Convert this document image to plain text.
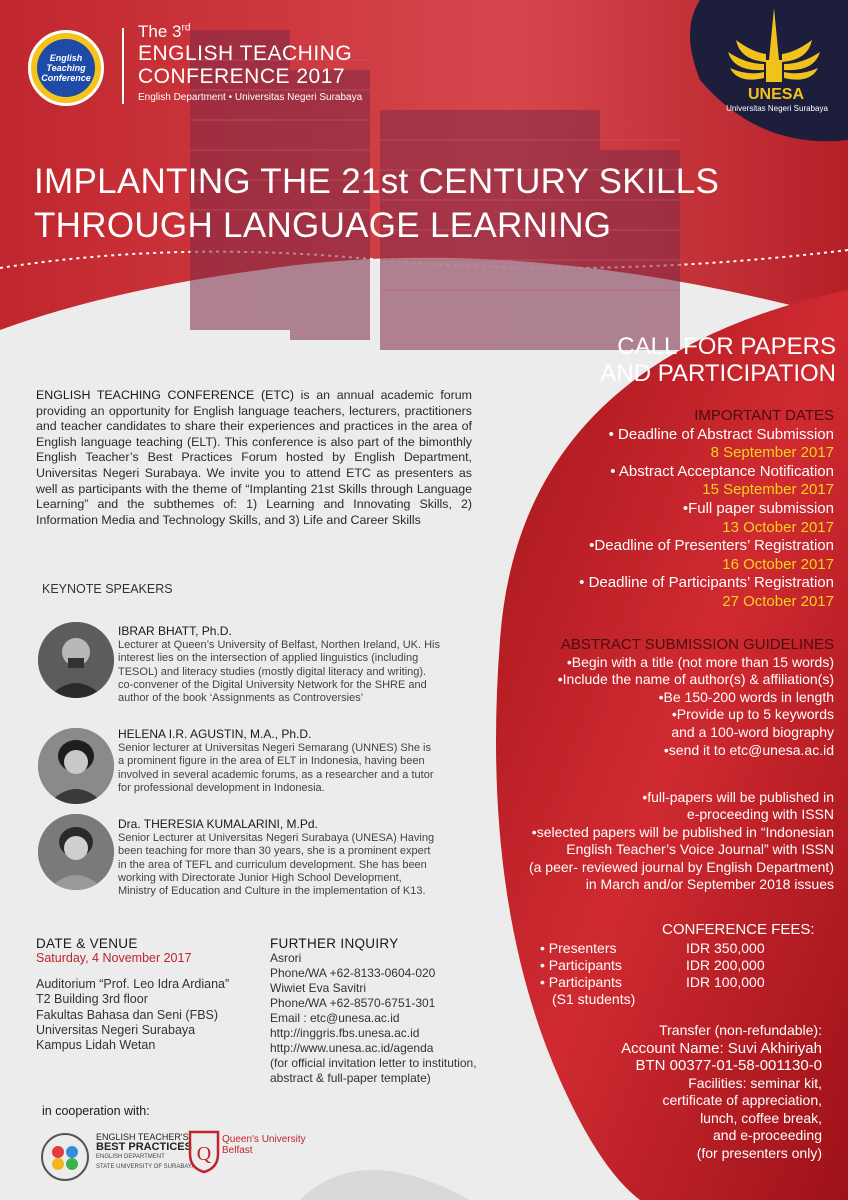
English Teaching Conference
The 3rd
ENGLISH TEACHING
CONFERENCE 2017
English Department • Universitas Negeri Surabaya	UNESA
Universitas Negeri Surabaya
IMPLANTING THE 21st CENTURY SKILLS
THROUGH LANGUAGE LEARNING
ENGLISH TEACHING CONFERENCE (ETC) is an annual academic forum providing an opportunity for English language teachers, lecturers, practitioners and teacher candidates to share their experiences and practices in the area of English language teaching (ELT). This conference is also part of the bimonthly English Teacher’s Best Practices Forum hosted by English Department, Universitas Negeri Surabaya. We invite you to attend ETC as presenters as well as participants with the theme of “Implanting 21st Skills through Language Learning” and the subthemes of: 1) Learning and Innovating Skills, 2) Information Media and Technology Skills, and 3) Life and Career Skills
KEYNOTE SPEAKERS
IBRAR BHATT, Ph.D.
Lecturer at Queen’s University of Belfast, Northen Ireland, UK. His interest lies on the intersection of applied linguistics (including TESOL) and literacy studies (mostly digital literacy and writing). co-convener of the Digital University Network for the SHRE and author of the book ‘Assignments as Controversies’
HELENA I.R. AGUSTIN, M.A., Ph.D.
Senior lecturer at Universitas Negeri Semarang (UNNES) She is a prominent figure in the area of ELT in Indonesia, having been involved in several academic forums, as a researcher and a tutor for professional development in Indonesia.
Dra. THERESIA KUMALARINI, M.Pd.
Senior Lecturer at Universitas Negeri Surabaya (UNESA) Having been teaching for more than 30 years, she is a prominent expert in the area of TEFL and curriculum development. She has been working with Directorate Junior High School Development, Ministry of Education and Culture in the implementation of K13.
CALL FOR PAPERS
AND PARTICIPATION
IMPORTANT DATES
• Deadline of Abstract Submission
8 September 2017
• Abstract Acceptance Notification
15 September 2017
•Full paper submission
13 October 2017
•Deadline of Presenters’ Registration
16 October 2017
• Deadline of Participants’ Registration
27 October 2017
ABSTRACT SUBMISSION GUIDELINES
•Begin with a title (not more than 15 words)
•Include the name of author(s) & affiliation(s)
•Be 150-200 words in length
•Provide up to 5 keywords
and a 100-word biography
•send it to etc@unesa.ac.id
•full-papers will be published in
e-proceeding with ISSN
•selected papers will be published in “Indonesian
English Teacher’s Voice Journal” with ISSN
(a peer- reviewed journal by English Department)
in March and/or September 2018 issues
CONFERENCE FEES:
• Presenters	IDR 350,000
• Participants	IDR 200,000
• Participants	IDR 100,000
(S1 students)
Transfer (non-refundable):
Account Name: Suvi Akhiriyah
BTN 00377-01-58-001130-0
Facilities: seminar kit,
certificate of appreciation,
lunch, coffee break,
and e-proceeding
(for presenters only)
DATE & VENUE
Saturday, 4 November 2017
Auditorium “Prof. Leo Idra Ardiana”
T2 Building 3rd floor
Fakultas Bahasa dan Seni (FBS)
Universitas Negeri Surabaya
Kampus Lidah Wetan
FURTHER INQUIRY
Asrori
Phone/WA +62-8133-0604-020
Wiwiet Eva Savitri
Phone/WA +62-8570-6751-301
Email : etc@unesa.ac.id
http://inggris.fbs.unesa.ac.id
http://www.unesa.ac.id/agenda
(for official invitation letter to institution,
abstract & full-paper template)
in cooperation with:
ENGLISH TEACHER'S
BEST PRACTICES
ENGLISH DEPARTMENT
STATE UNIVERSITY OF SURABAYA
Q
Queen's University
Belfast
